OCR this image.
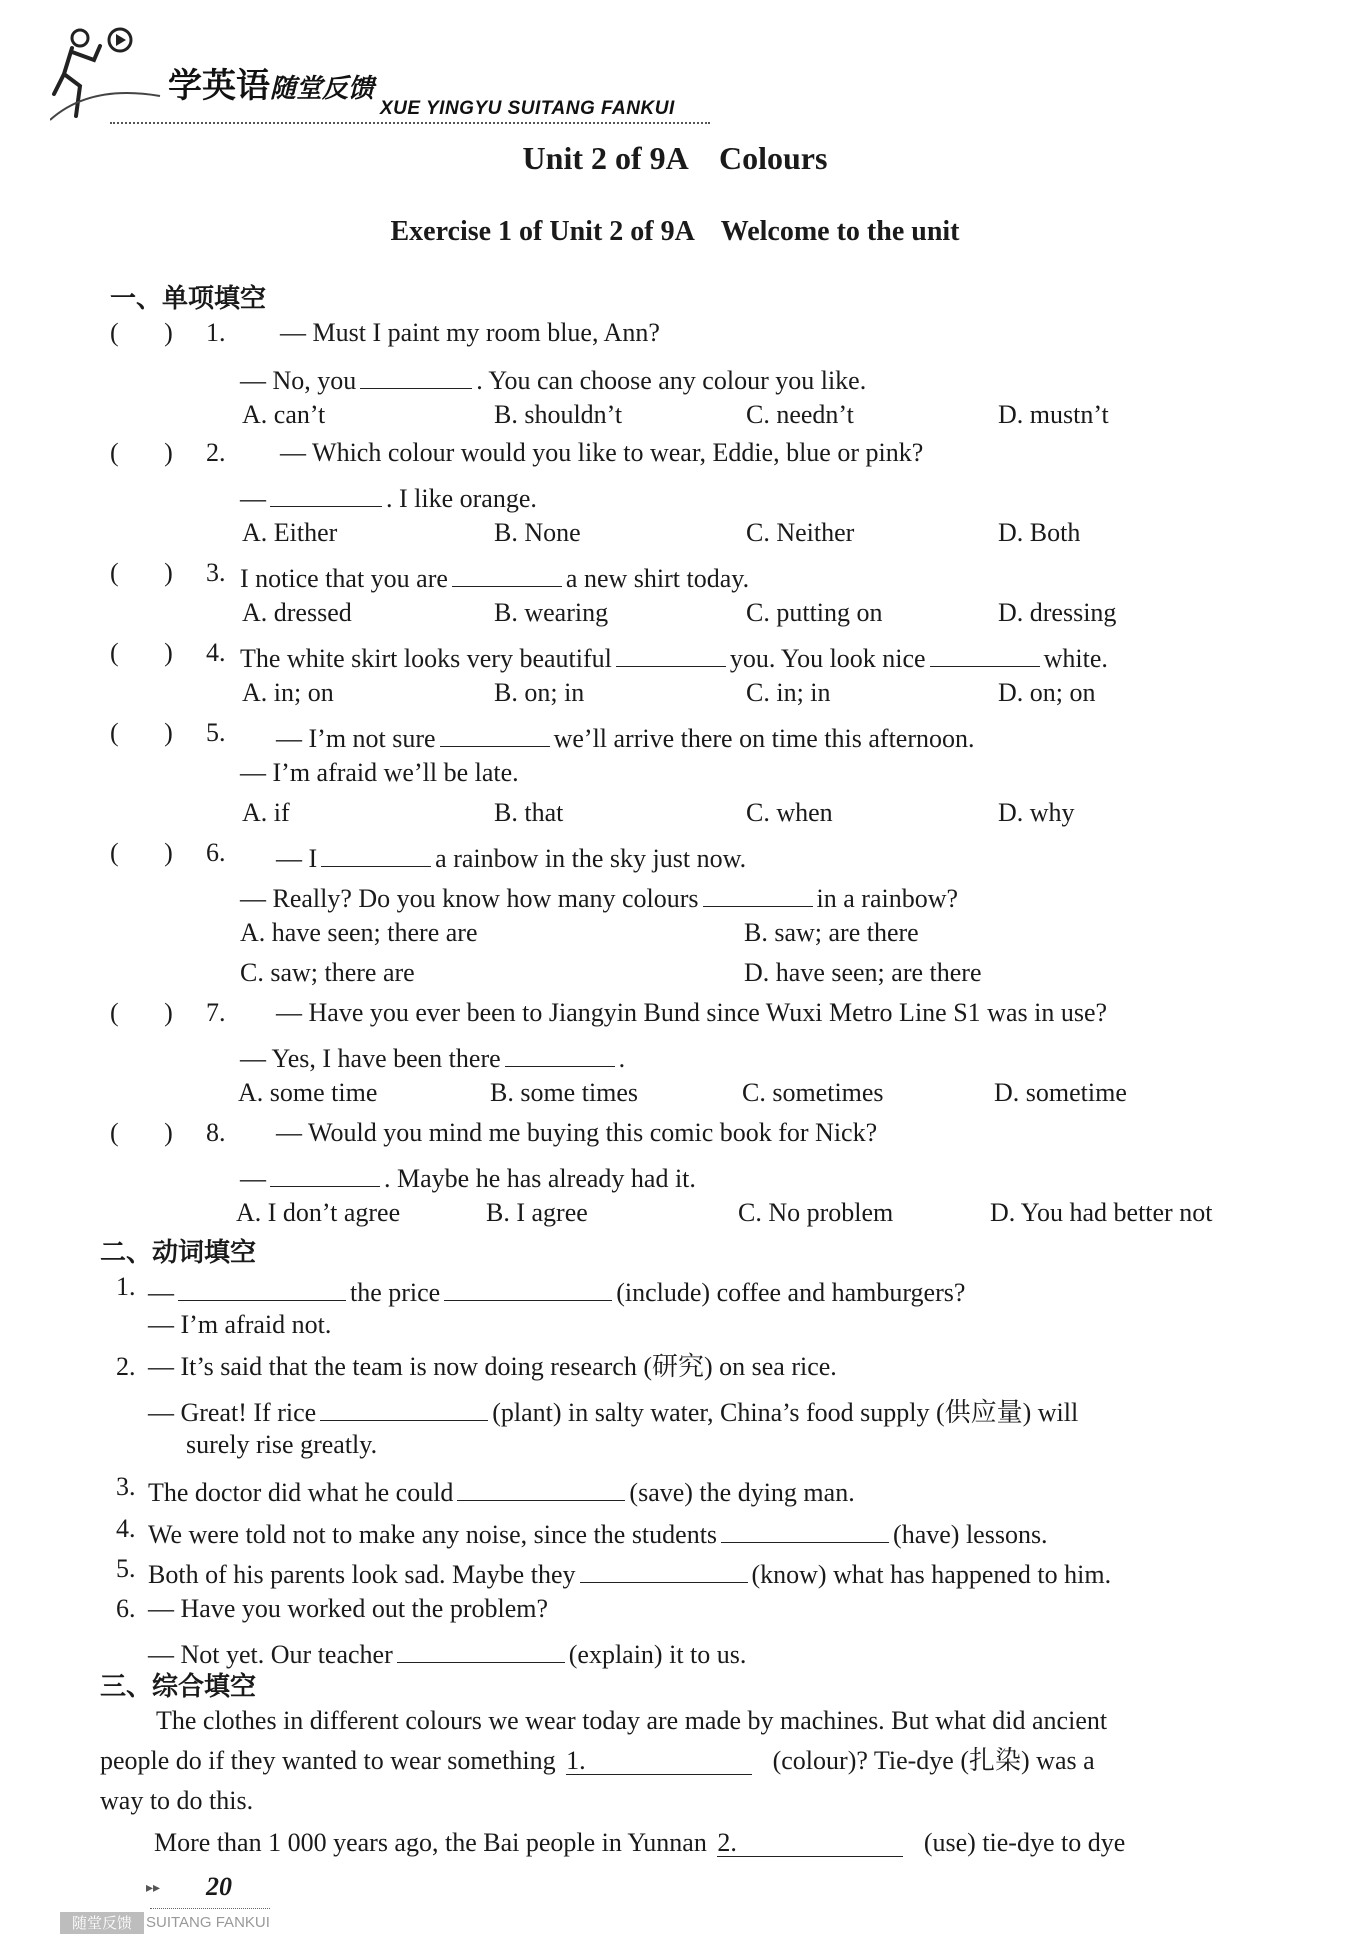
学英语随堂反馈
XUE YINGYU SUITANG FANKUI
Unit 2 of 9A    Colours
Exercise 1 of Unit 2 of 9A    Welcome to the unit
一、单项填空
(       ) 1. — Must I paint my room blue, Ann?
— No, you	. You can choose any colour you like.
A. can’t	B. shouldn’t	C. needn’t	D. mustn’t
(       ) 2. — Which colour would you like to wear, Eddie, blue or pink?
—	. I like orange.
A. Either	B. None	C. Neither	D. Both
(       ) 3. I notice that you are	a new shirt today.
A. dressed	B. wearing	C. putting on	D. dressing
(       ) 4. The white skirt looks very beautiful	you. You look nice	white.
A. in; on	B. on; in	C. in; in	D. on; on
(       ) 5. — I’m not sure	we’ll arrive there on time this afternoon.
— I’m afraid we’ll be late.
A. if	B. that	C. when	D. why
(       ) 6. — I	a rainbow in the sky just now.
— Really? Do you know how many colours	in a rainbow?
A. have seen; there are	B. saw; are there
C. saw; there are	D. have seen; are there
(       ) 7. — Have you ever been to Jiangyin Bund since Wuxi Metro Line S1 was in use?
— Yes, I have been there	.
A. some time	B. some times	C. sometimes	D. sometime
(       ) 8. — Would you mind me buying this comic book for Nick?
—	. Maybe he has already had it.
A. I don’t agree	B. I agree	C. No problem	D. You had better not
二、动词填空
1. —	the price	(include) coffee and hamburgers?
— I’m afraid not.
2. — It’s said that the team is now doing research (研究) on sea rice.
— Great! If rice	(plant) in salty water, China’s food supply (供应量) will
surely rise greatly.
3. The doctor did what he could	(save) the dying man.
4. We were told not to make any noise, since the students	(have) lessons.
5. Both of his parents look sad. Maybe they	(know) what has happened to him.
6. — Have you worked out the problem?
— Not yet. Our teacher	(explain) it to us.
三、综合填空
The clothes in different colours we wear today are made by machines. But what did ancient
people do if they wanted to wear something 1.	(colour)? Tie-dye (扎染) was a
way to do this.
More than 1 000 years ago, the Bai people in Yunnan 2.	(use) tie-dye to dye
▸▸ 20
随堂反馈 SUITANG FANKUI
